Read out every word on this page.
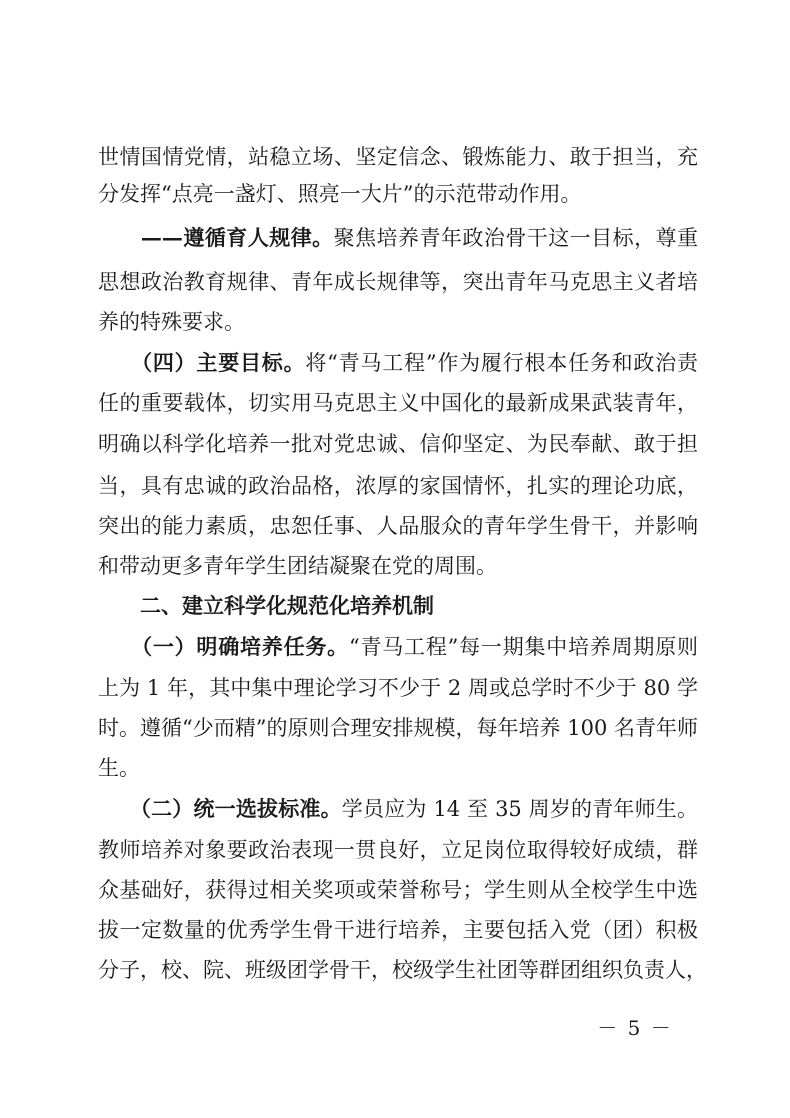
世情国情党情，站稳立场、坚定信念、锻炼能力、敢于担当，充
分发挥“点亮一盏灯、照亮一大片”的示范带动作用。
　　——遵循育人规律。聚焦培养青年政治骨干这一目标，尊重
思想政治教育规律、青年成长规律等，突出青年马克思主义者培
养的特殊要求。
　　（四）主要目标。将“青马工程”作为履行根本任务和政治责
任的重要载体，切实用马克思主义中国化的最新成果武装青年，
明确以科学化培养一批对党忠诚、信仰坚定、为民奉献、敢于担
当，具有忠诚的政治品格，浓厚的家国情怀，扎实的理论功底，
突出的能力素质，忠恕任事、人品服众的青年学生骨干，并影响
和带动更多青年学生团结凝聚在党的周围。
　　二、建立科学化规范化培养机制
　　（一）明确培养任务。“青马工程”每一期集中培养周期原则
上为 1 年，其中集中理论学习不少于 2 周或总学时不少于 80 学
时。遵循“少而精”的原则合理安排规模，每年培养 100 名青年师
生。
　　（二）统一选拔标准。学员应为 14 至 35 周岁的青年师生。
教师培养对象要政治表现一贯良好，立足岗位取得较好成绩，群
众基础好，获得过相关奖项或荣誉称号；学生则从全校学生中选
拔一定数量的优秀学生骨干进行培养，主要包括入党（团）积极
分子，校、院、班级团学骨干，校级学生社团等群团组织负责人，
－ 5 －
